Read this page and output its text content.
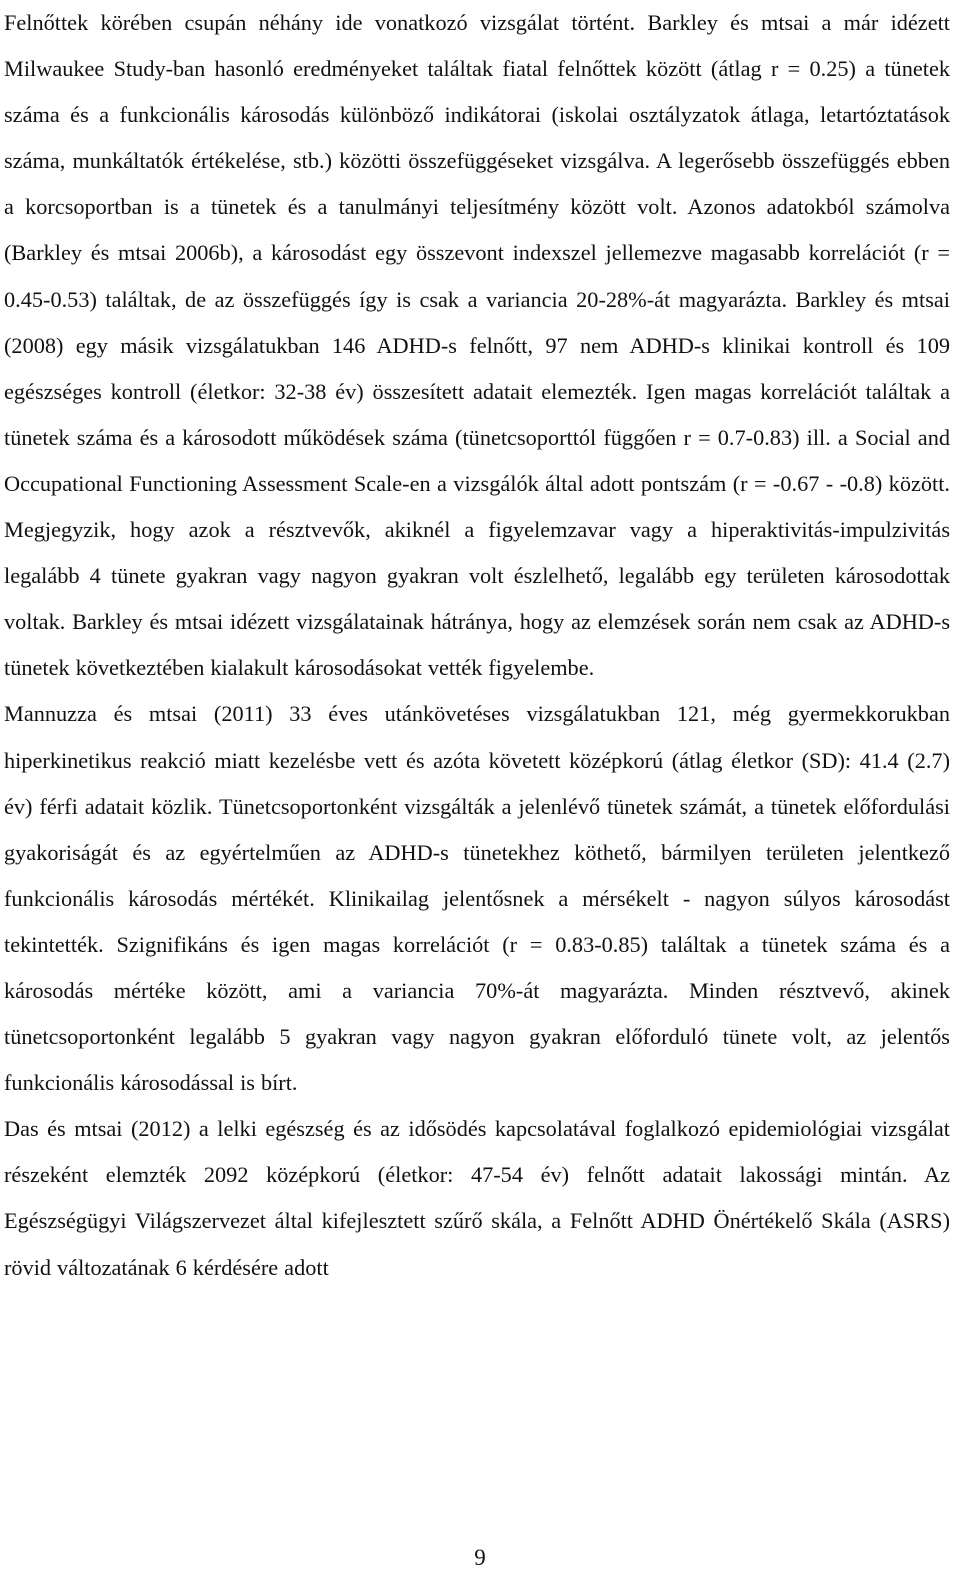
Felnőttek körében csupán néhány ide vonatkozó vizsgálat történt. Barkley és mtsai a már idézett Milwaukee Study-ban hasonló eredményeket találtak fiatal felnőttek között (átlag r = 0.25) a tünetek száma és a funkcionális károsodás különböző indikátorai (iskolai osztályzatok átlaga, letartóztatások száma, munkáltatók értékelése, stb.) közötti összefüggéseket vizsgálva. A legerősebb összefüggés ebben a korcsoportban is a tünetek és a tanulmányi teljesítmény között volt. Azonos adatokból számolva (Barkley és mtsai 2006b), a károsodást egy összevont indexszel jellemezve magasabb korrelációt (r = 0.45-0.53) találtak, de az összefüggés így is csak a variancia 20-28%-át magyarázta. Barkley és mtsai (2008) egy másik vizsgálatukban 146 ADHD-s felnőtt, 97 nem ADHD-s klinikai kontroll és 109 egészséges kontroll (életkor: 32-38 év) összesített adatait elemezték. Igen magas korrelációt találtak a tünetek száma és a károsodott működések száma (tünetcsoporttól függően r = 0.7-0.83) ill. a Social and Occupational Functioning Assessment Scale-en a vizsgálók által adott pontszám (r = -0.67 - -0.8) között. Megjegyzik, hogy azok a résztvevők, akiknél a figyelemzavar vagy a hiperaktivitás-impulzivitás legalább 4 tünete gyakran vagy nagyon gyakran volt észlelhető, legalább egy területen károsodottak voltak. Barkley és mtsai idézett vizsgálatainak hátránya, hogy az elemzések során nem csak az ADHD-s tünetek következtében kialakult károsodásokat vették figyelembe.

Mannuzza és mtsai (2011) 33 éves utánkövetéses vizsgálatukban 121, még gyermekkorukban hiperkinetikus reakció miatt kezelésbe vett és azóta követett középkorú (átlag életkor (SD): 41.4 (2.7) év) férfi adatait közlik. Tünetcsoportonként vizsgálták a jelenlévő tünetek számát, a tünetek előfordulási gyakoriságát és az egyértelműen az ADHD-s tünetekhez köthető, bármilyen területen jelentkező funkcionális károsodás mértékét. Klinikailag jelentősnek a mérsékelt - nagyon súlyos károsodást tekintették. Szignifikáns és igen magas korrelációt (r = 0.83-0.85) találtak a tünetek száma és a károsodás mértéke között, ami a variancia 70%-át magyarázta. Minden résztvevő, akinek tünetcsoportonként legalább 5 gyakran vagy nagyon gyakran előforduló tünete volt, az jelentős funkcionális károsodással is bírt.

Das és mtsai (2012) a lelki egészség és az idősödés kapcsolatával foglalkozó epidemiológiai vizsgálat részeként elemzték 2092 középkorú (életkor: 47-54 év) felnőtt adatait lakossági mintán. Az Egészségügyi Világszervezet által kifejlesztett szűrő skála, a Felnőtt ADHD Önértékelő Skála (ASRS) rövid változatának 6 kérdésére adott

9
